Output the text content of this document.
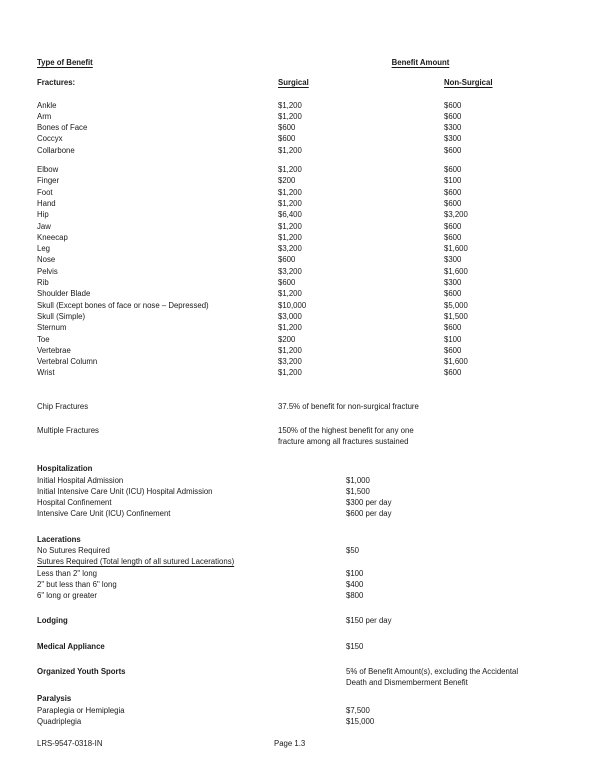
Type of Benefit	Benefit Amount
Fractures:	Surgical	Non-Surgical
Ankle	$1,200	$600
Arm	$1,200	$600
Bones of Face	$600	$300
Coccyx	$600	$300
Collarbone	$1,200	$600
Elbow	$1,200	$600
Finger	$200	$100
Foot	$1,200	$600
Hand	$1,200	$600
Hip	$6,400	$3,200
Jaw	$1,200	$600
Kneecap	$1,200	$600
Leg	$3,200	$1,600
Nose	$600	$300
Pelvis	$3,200	$1,600
Rib	$600	$300
Shoulder Blade	$1,200	$600
Skull (Except bones of face or nose – Depressed)	$10,000	$5,000
Skull (Simple)	$3,000	$1,500
Sternum	$1,200	$600
Toe	$200	$100
Vertebrae	$1,200	$600
Vertebral Column	$3,200	$1,600
Wrist	$1,200	$600
Chip Fractures	37.5% of benefit for non-surgical fracture
Multiple Fractures	150% of the highest benefit for any one
fracture among all fractures sustained
Hospitalization
Initial Hospital Admission	$1,000
Initial Intensive Care Unit (ICU) Hospital Admission	$1,500
Hospital Confinement	$300 per day
Intensive Care Unit (ICU) Confinement	$600 per day
Lacerations
No Sutures Required	$50
Sutures Required (Total length of all sutured Lacerations)
Less than 2" long	$100
2" but less than 6" long	$400
6" long or greater	$800
Lodging	$150 per day
Medical Appliance	$150
Organized Youth Sports	5% of Benefit Amount(s), excluding the Accidental
Death and Dismemberment Benefit
Paralysis
Paraplegia or Hemiplegia	$7,500
Quadriplegia	$15,000
LRS-9547-0318-IN	Page 1.3
